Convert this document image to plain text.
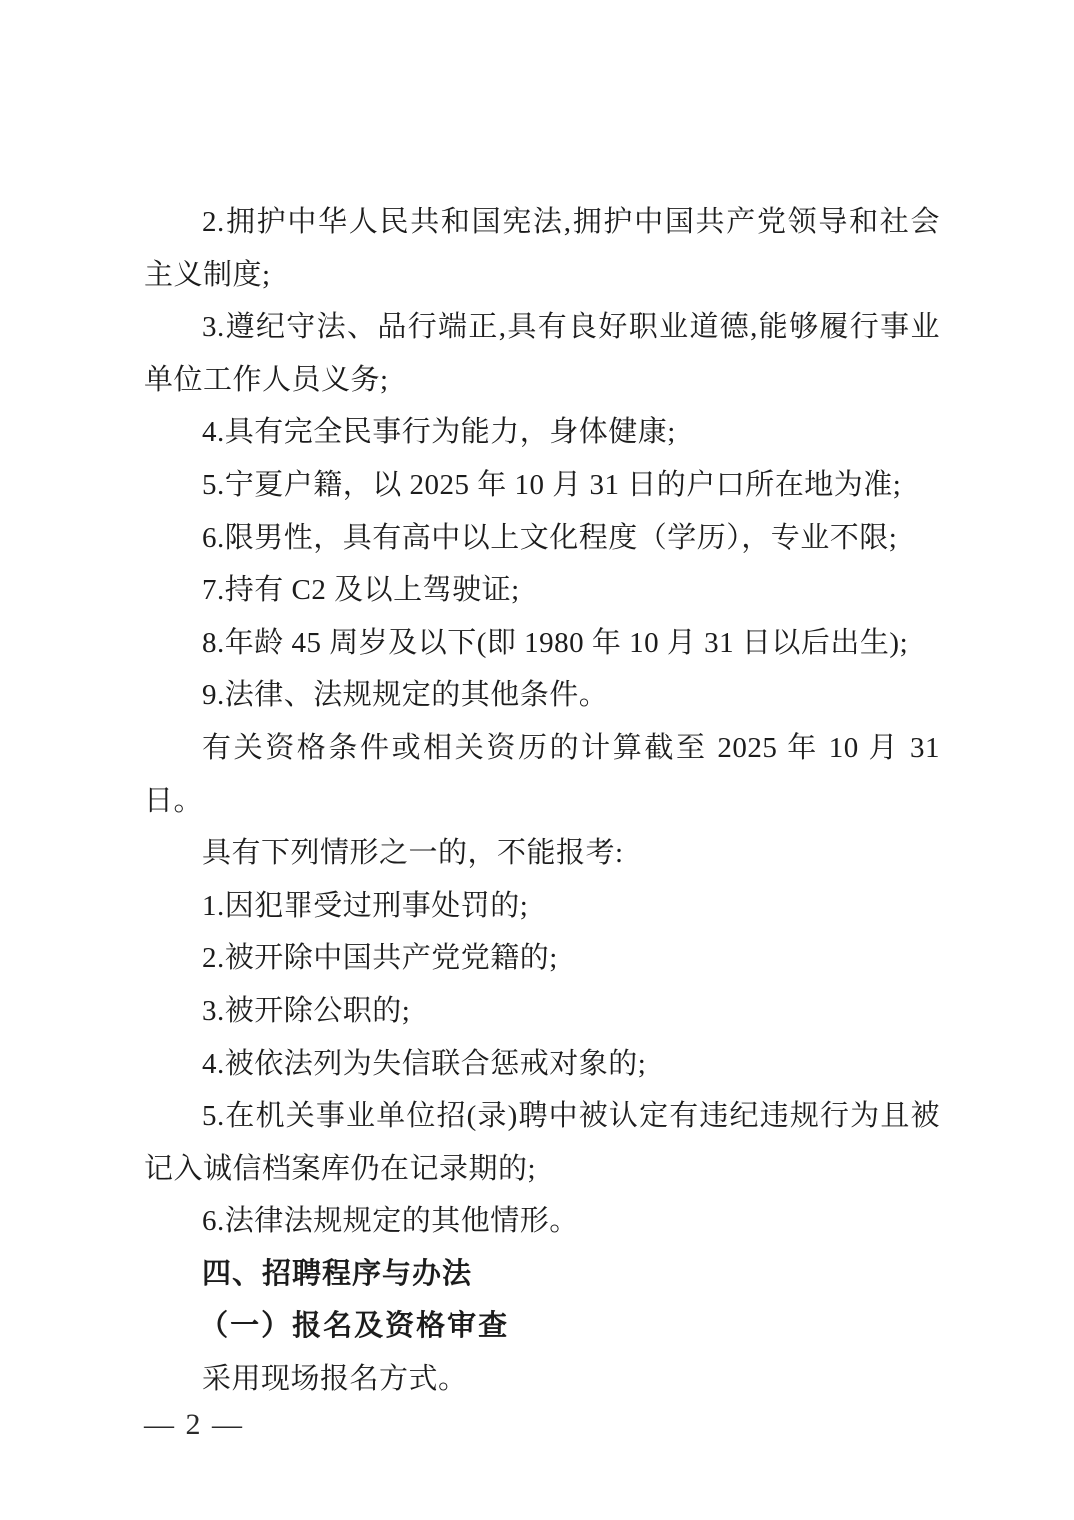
2.拥护中华人民共和国宪法,拥护中国共产党领导和社会主义制度;
3.遵纪守法、品行端正,具有良好职业道德,能够履行事业单位工作人员义务;
4.具有完全民事行为能力，身体健康;
5.宁夏户籍，以 2025 年 10 月 31 日的户口所在地为准;
6.限男性，具有高中以上文化程度（学历），专业不限;
7.持有 C2 及以上驾驶证;
8.年龄 45 周岁及以下(即 1980 年 10 月 31 日以后出生);
9.法律、法规规定的其他条件。
有关资格条件或相关资历的计算截至 2025 年 10 月 31 日。
具有下列情形之一的，不能报考:
1.因犯罪受过刑事处罚的;
2.被开除中国共产党党籍的;
3.被开除公职的;
4.被依法列为失信联合惩戒对象的;
5.在机关事业单位招(录)聘中被认定有违纪违规行为且被记入诚信档案库仍在记录期的;
6.法律法规规定的其他情形。
四、招聘程序与办法
（一）报名及资格审查
采用现场报名方式。
— 2 —
